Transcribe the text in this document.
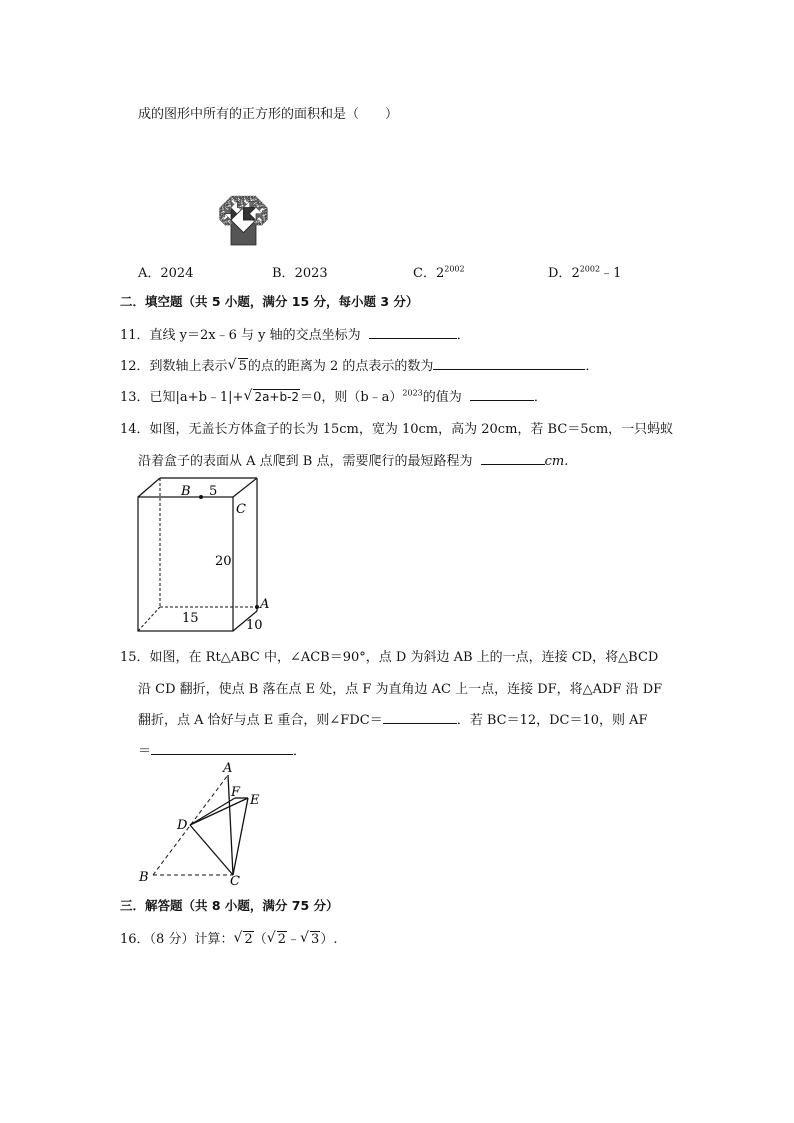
成的图形中所有的正方形的面积和是（　　）
A．2024	B．2023	C．$2^{2002}$	D．$2^{2002}﹣1$
二．填空题（共 5 小题，满分 15 分，每小题 3 分）
11．直线 y＝2x﹣6 与 y 轴的交点坐标为	．
12．到数轴上表示 √ 5的点的距离为 2 的点表示的数为	．
13．已知|a+b﹣1|+ √ 2a+b-2＝0，则（b﹣a）$^{2023}$的值为	．
14．如图，无盖长方体盒子的长为 15cm，宽为 10cm，高为 20cm，若 BC＝5cm，一只蚂蚁
沿着盒子的表面从 A 点爬到 B 点，需要爬行的最短路程为	cm.
B 5
C
20
A
15	10
15．如图，在 Rt△ABC 中，∠ACB＝90°，点 D 为斜边 AB 上的一点，连接 CD，将△BCD
沿 CD 翻折，使点 B 落在点 E 处，点 F 为直角边 AC 上一点，连接 DF，将△ADF 沿 DF
翻折，点 A 恰好与点 E 重合，则∠FDC＝	．若 BC＝12，DC＝10，则 AF
＝	．
A
F
E
D
B	C
三．解答题（共 8 小题，满分 75 分）
16．（8 分）计算： √ 2（ √ 2﹣ √ 3）.
